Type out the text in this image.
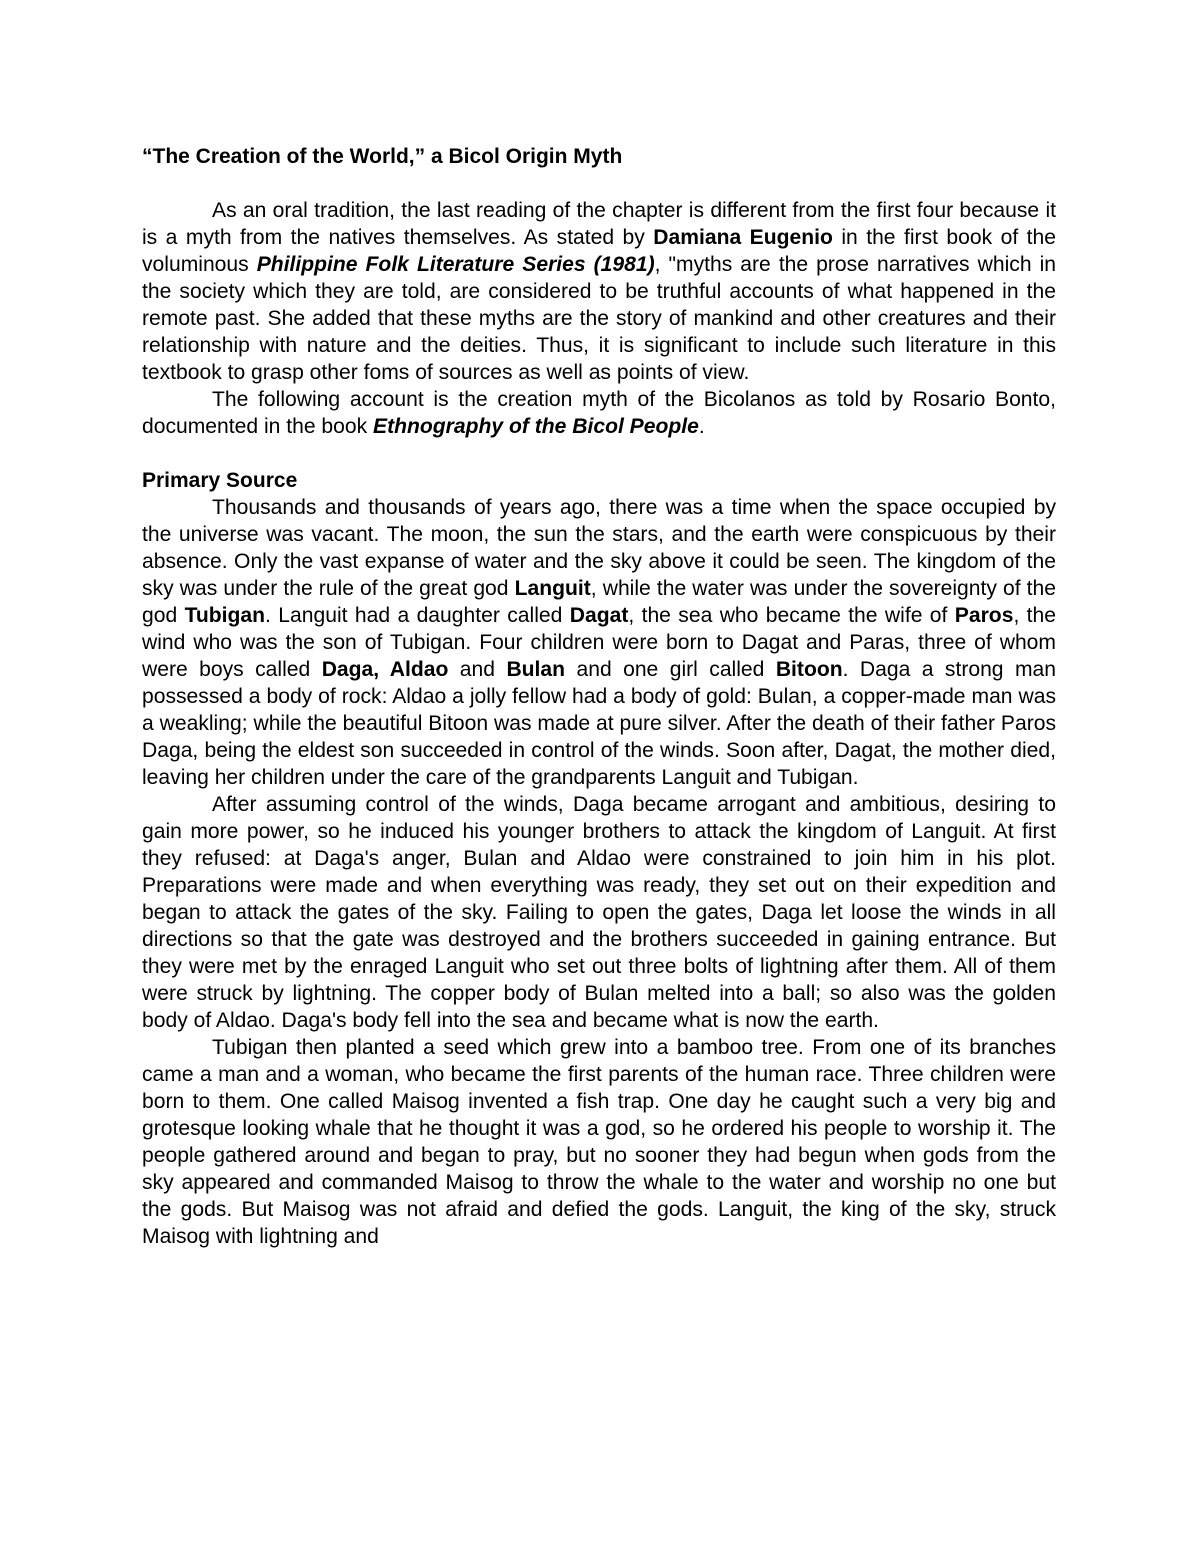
“The Creation of the World,” a Bicol Origin Myth

As an oral tradition, the last reading of the chapter is different from the first four because it is a myth from the natives themselves. As stated by Damiana Eugenio in the first book of the voluminous Philippine Folk Literature Series (1981), "myths are the prose narratives which in the society which they are told, are considered to be truthful accounts of what happened in the remote past. She added that these myths are the story of mankind and other creatures and their relationship with nature and the deities. Thus, it is significant to include such literature in this textbook to grasp other foms of sources as well as points of view.

The following account is the creation myth of the Bicolanos as told by Rosario Bonto, documented in the book Ethnography of the Bicol People.

Primary Source

Thousands and thousands of years ago, there was a time when the space occupied by the universe was vacant. The moon, the sun the stars, and the earth were conspicuous by their absence. Only the vast expanse of water and the sky above it could be seen. The kingdom of the sky was under the rule of the great god Languit, while the water was under the sovereignty of the god Tubigan. Languit had a daughter called Dagat, the sea who became the wife of Paros, the wind who was the son of Tubigan. Four children were born to Dagat and Paras, three of whom were boys called Daga, Aldao and Bulan and one girl called Bitoon. Daga a strong man possessed a body of rock: Aldao a jolly fellow had a body of gold: Bulan, a copper-made man was a weakling; while the beautiful Bitoon was made at pure silver. After the death of their father Paros Daga, being the eldest son succeeded in control of the winds. Soon after, Dagat, the mother died, leaving her children under the care of the grandparents Languit and Tubigan.

After assuming control of the winds, Daga became arrogant and ambitious, desiring to gain more power, so he induced his younger brothers to attack the kingdom of Languit. At first they refused: at Daga's anger, Bulan and Aldao were constrained to join him in his plot. Preparations were made and when everything was ready, they set out on their expedition and began to attack the gates of the sky. Failing to open the gates, Daga let loose the winds in all directions so that the gate was destroyed and the brothers succeeded in gaining entrance. But they were met by the enraged Languit who set out three bolts of lightning after them. All of them were struck by lightning. The copper body of Bulan melted into a ball; so also was the golden body of Aldao. Daga's body fell into the sea and became what is now the earth.

Tubigan then planted a seed which grew into a bamboo tree. From one of its branches came a man and a woman, who became the first parents of the human race. Three children were born to them. One called Maisog invented a fish trap. One day he caught such a very big and grotesque looking whale that he thought it was a god, so he ordered his people to worship it. The people gathered around and began to pray, but no sooner they had begun when gods from the sky appeared and commanded Maisog to throw the whale to the water and worship no one but the gods. But Maisog was not afraid and defied the gods. Languit, the king of the sky, struck Maisog with lightning and
